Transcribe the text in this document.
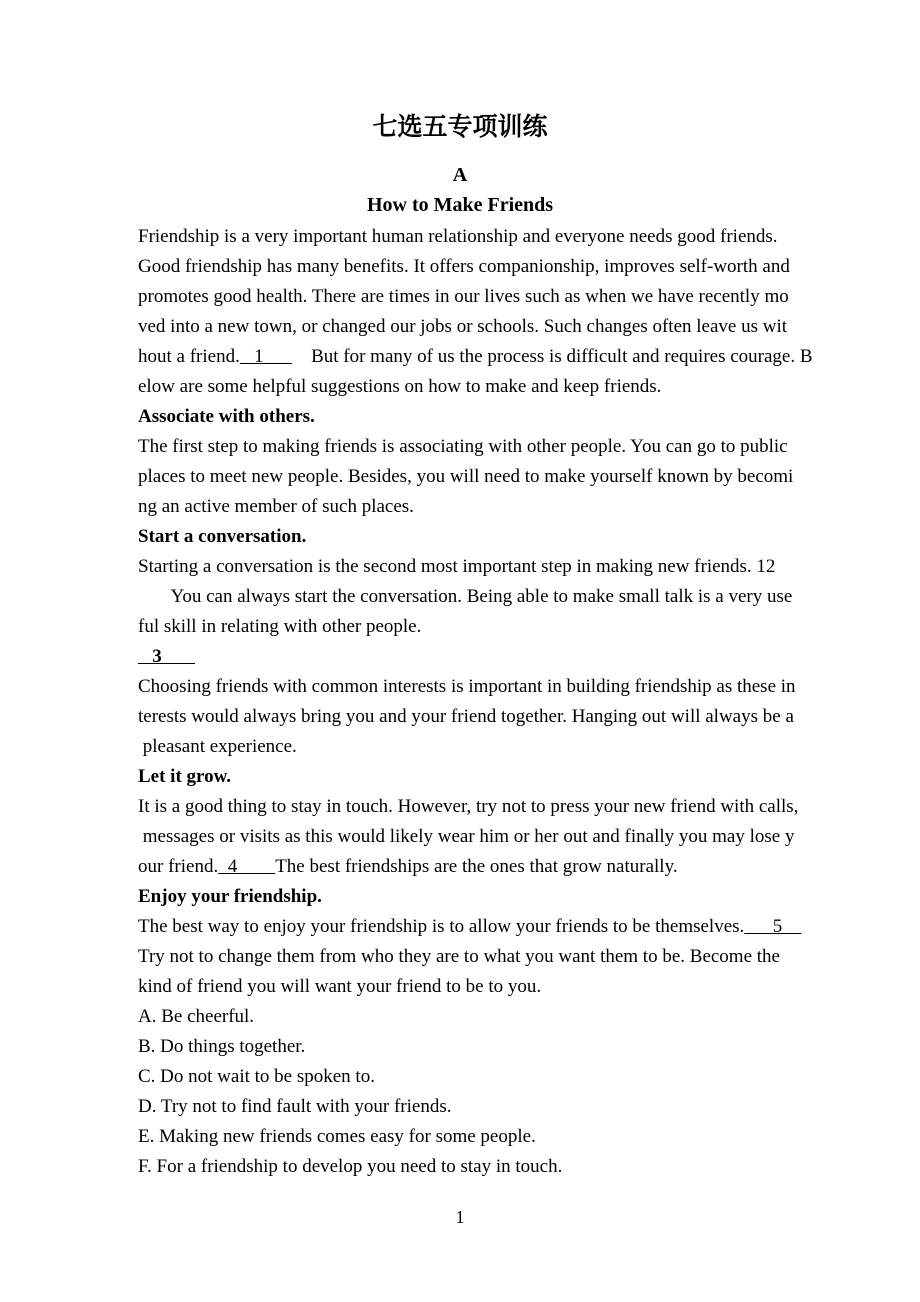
七选五专项训练
A
How to Make Friends
Friendship is a very important human relationship and everyone needs good friends.
Good friendship has many benefits. It offers companionship, improves self-worth and
promotes good health. There are times in our lives such as when we have recently mo
ved into a new town, or changed our jobs or schools. Such changes often leave us wit
hout a friend.   1          But for many of us the process is difficult and requires courage. B
elow are some helpful suggestions on how to make and keep friends.
Associate with others.
The first step to making friends is associating with other people. You can go to public
places to meet new people. Besides, you will need to make yourself known by becomi
ng an active member of such places.
Start a conversation.
Starting a conversation is the second most important step in making new friends. 12
You can always start the conversation. Being able to make small talk is a very use
ful skill in relating with other people.
3
Choosing friends with common interests is important in building friendship as these in
terests would always bring you and your friend together. Hanging out will always be a
pleasant experience.
Let it grow.
It is a good thing to stay in touch. However, try not to press your new friend with calls,
messages or visits as this would likely wear him or her out and finally you may lose y
our friend.  4        The best friendships are the ones that grow naturally.
Enjoy your friendship.
The best way to enjoy your friendship is to allow your friends to be themselves.      5
Try not to change them from who they are to what you want them to be. Become the
kind of friend you will want your friend to be to you.
A. Be cheerful.
B. Do things together.
C. Do not wait to be spoken to.
D. Try not to find fault with your friends.
E. Making new friends comes easy for some people.
F. For a friendship to develop you need to stay in touch.
1
